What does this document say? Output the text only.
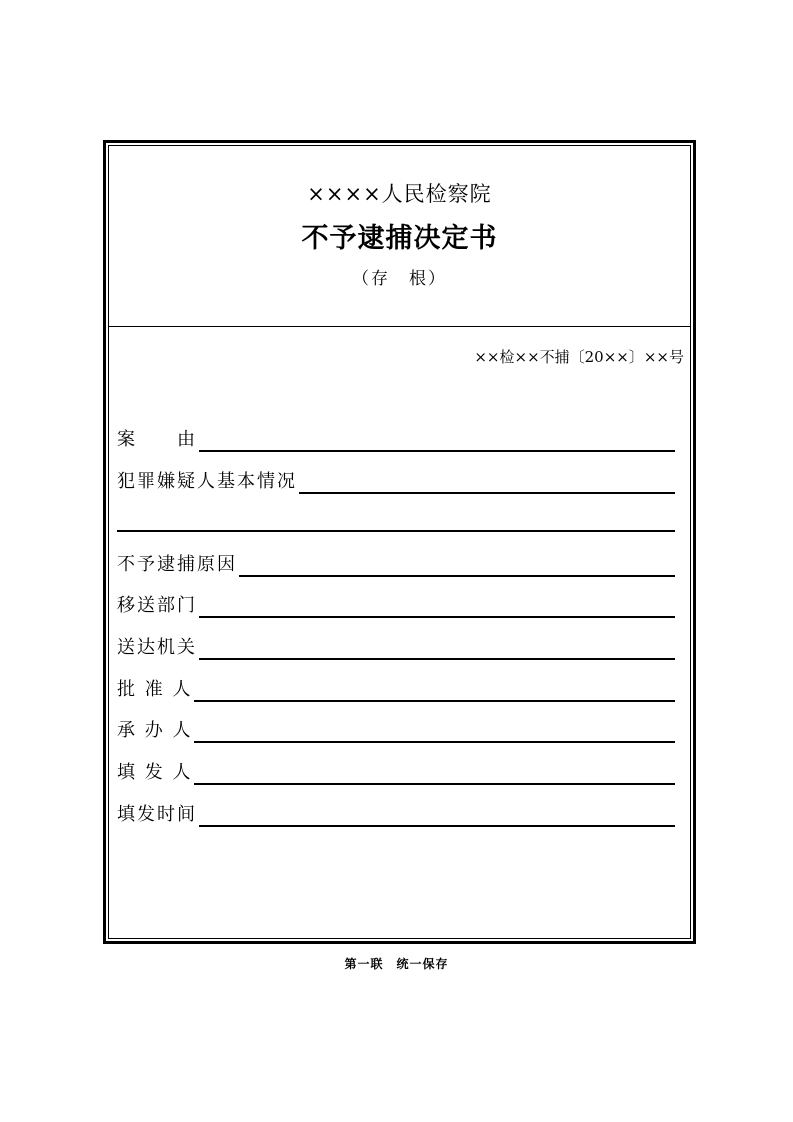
××××人民检察院
不予逮捕决定书
（存　根）
××检××不捕〔20××〕××号
案　　由
犯罪嫌疑人基本情况
不予逮捕原因
移送部门
送达机关
批 准 人
承 办 人
填 发 人
填发时间
第一联　统一保存
